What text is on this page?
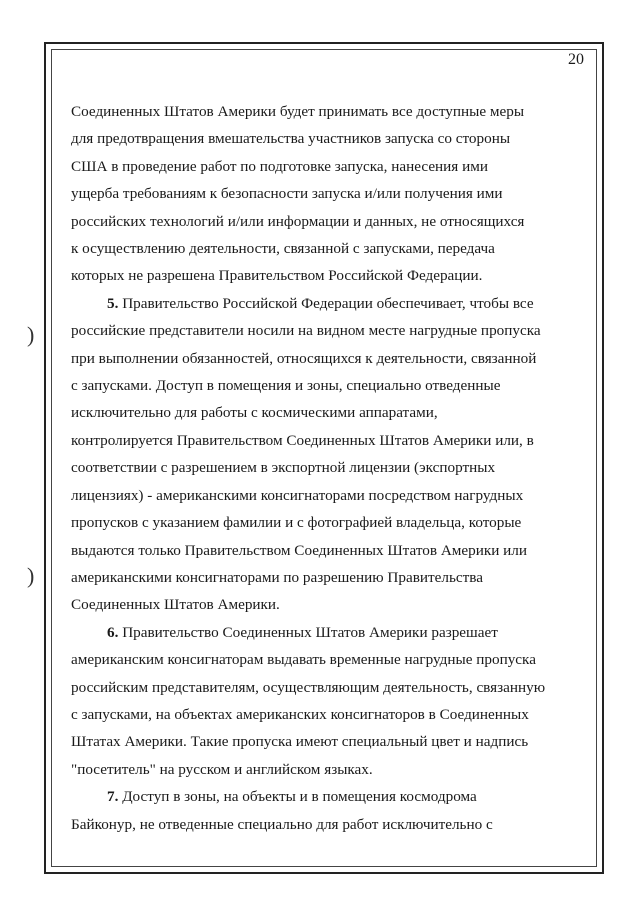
20
)
)
Соединенных Штатов Америки будет принимать все доступные меры
для предотвращения вмешательства участников запуска со стороны
США в проведение работ по подготовке запуска, нанесения ими
ущерба требованиям к безопасности запуска и/или получения ими
российских технологий и/или информации и данных, не относящихся
к осуществлению деятельности, связанной с запусками, передача
которых не разрешена Правительством Российской Федерации.
5. Правительство Российской Федерации обеспечивает, чтобы все
российские представители носили на видном месте нагрудные пропуска
при выполнении обязанностей, относящихся к деятельности, связанной
с запусками. Доступ в помещения и зоны, специально отведенные
исключительно для работы с космическими аппаратами,
контролируется Правительством Соединенных Штатов Америки или, в
соответствии с разрешением в экспортной лицензии (экспортных
лицензиях) - американскими консигнаторами посредством нагрудных
пропусков с указанием фамилии и с фотографией владельца, которые
выдаются только Правительством Соединенных Штатов Америки или
американскими консигнаторами по разрешению Правительства
Соединенных Штатов Америки.
6. Правительство Соединенных Штатов Америки разрешает
американским консигнаторам выдавать временные нагрудные пропуска
российским представителям, осуществляющим деятельность, связанную
с запусками, на объектах американских консигнаторов в Соединенных
Штатах Америки. Такие пропуска имеют специальный цвет и надпись
"посетитель" на русском и английском языках.
7. Доступ в зоны, на объекты и в помещения космодрома
Байконур, не отведенные специально для работ исключительно с
